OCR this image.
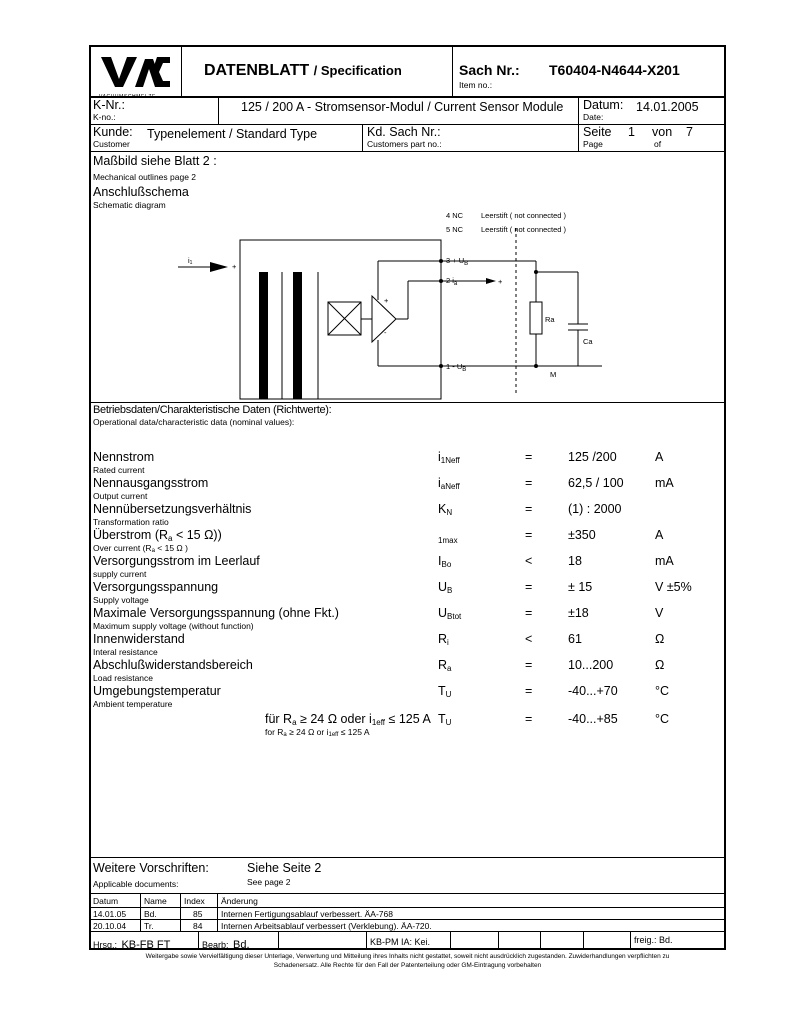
VACUUMSCHMELZE
DATENBLATT / Specification	Sach Nr.:
Item no.:
T60404-N4644-X201
K-Nr.:
K-no.:
125 / 200 A - Stromsensor-Modul / Current Sensor Module Datum:
Date:
14.01.2005
Kunde:
Customer
Typenelement / Standard Type	Kd. Sach Nr.:
Customers part no.:
Seite
Page
1 von
of
7
Maßbild siehe Blatt 2 :
Mechanical outlines page 2
Anschlußschema
Schematic diagram
4 NC
5 NC
Leerstift ( not connected )
Leerstift ( not connected )
$3 + U_B$
2 $i_a$
$1 - U_B$
i1	+
+
+
-
Ra
Ca
M
Betriebsdaten/Charakteristische Daten (Richtwerte):
Operational data/characteristic data (nominal values):
Nennstrom
Rated current
$i_{1Neff}$	=	125 /200	A
Nennausgangsstrom
Output current
$i_{aNeff}$	=	62,5 / 100	mA
Nennübersetzungsverhältnis
Transformation ratio
$K_N$	=	(1) : 2000
Überstrom ($R_a < 15$ Ω))
Over current (Ra < 15 Ω )
$_{1max}$	=	±350	A
Versorgungsstrom im Leerlauf
supply current
$I_{Bo}$	<	18	mA
Versorgungsspannung
Supply voltage
$U_B$	=	± 15	V ±5%
Maximale Versorgungsspannung (ohne Fkt.)
Maximum supply voltage (without function)
$U_{Btot}$	=	±18	V
Innenwiderstand
Interal resistance
$R_i$	<	61	Ω
Abschlußwiderstandsbereich
Load resistance
$R_a$	=	10...200	Ω
Umgebungstemperatur
Ambient temperature
$T_U$	=	-40...+70	°C
für $R_a \ge 24$ Ω oder $i_{1eff} \le 125$ A
for Ra ≥ 24 Ω or i1eff ≤ 125 A
$T_U$	=	-40...+85	°C
Weitere Vorschriften:
Applicable documents:
Siehe Seite 2
See page 2
Datum	Name Index Änderung
14.01.05 Bd.	85 Internen Fertigungsablauf verbessert. ÄA-768
20.10.04 Tr.	84 Internen Arbeitsablauf verbessert (Verklebung). ÄA-720.
Hrsg.: KB-FB FT	Bearb: Bd.	KB-PM IA: Kei.	freig.: Bd.
Weitergabe sowie Vervielfältigung dieser Unterlage, Verwertung und Mitteilung ihres Inhalts nicht gestattet, soweit nicht ausdrücklich zugestanden. Zuwiderhandlungen verpflichten zu
Schadenersatz. Alle Rechte für den Fall der Patenterteilung oder GM-Eintragung vorbehalten
